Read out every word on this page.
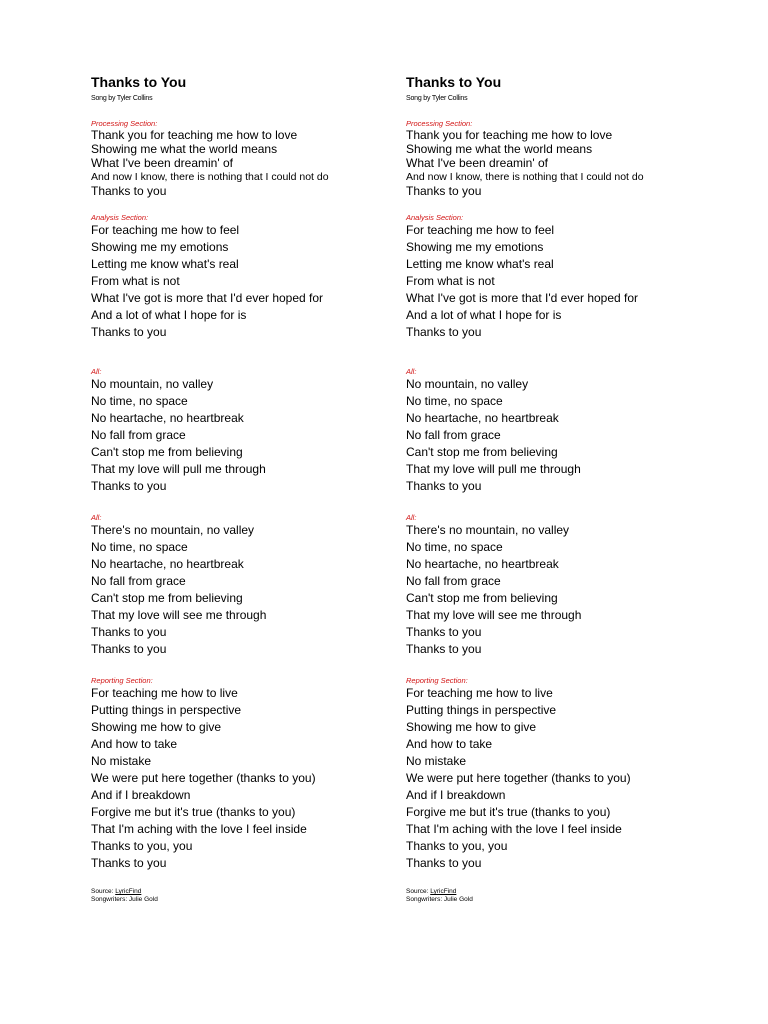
Thanks to You
Song by Tyler Collins
Processing Section:
Thank you for teaching me how to love
Showing me what the world means
What I've been dreamin' of
And now I know, there is nothing that I could not do
Thanks to you
Analysis Section:
For teaching me how to feel
Showing me my emotions
Letting me know what's real
From what is not
What I've got is more that I'd ever hoped for
And a lot of what I hope for is
Thanks to you
All:
No mountain, no valley
No time, no space
No heartache, no heartbreak
No fall from grace
Can't stop me from believing
That my love will pull me through
Thanks to you
All:
There's no mountain, no valley
No time, no space
No heartache, no heartbreak
No fall from grace
Can't stop me from believing
That my love will see me through
Thanks to you
Thanks to you
Reporting Section:
For teaching me how to live
Putting things in perspective
Showing me how to give
And how to take
No mistake
We were put here together (thanks to you)
And if I breakdown
Forgive me but it's true (thanks to you)
That I'm aching with the love I feel inside
Thanks to you, you
Thanks to you
Source: LyricFind
Songwriters: Julie Gold
Thanks to You
Song by Tyler Collins
Processing Section:
Thank you for teaching me how to love
Showing me what the world means
What I've been dreamin' of
And now I know, there is nothing that I could not do
Thanks to you
Analysis Section:
For teaching me how to feel
Showing me my emotions
Letting me know what's real
From what is not
What I've got is more that I'd ever hoped for
And a lot of what I hope for is
Thanks to you
All:
No mountain, no valley
No time, no space
No heartache, no heartbreak
No fall from grace
Can't stop me from believing
That my love will pull me through
Thanks to you
All:
There's no mountain, no valley
No time, no space
No heartache, no heartbreak
No fall from grace
Can't stop me from believing
That my love will see me through
Thanks to you
Thanks to you
Reporting Section:
For teaching me how to live
Putting things in perspective
Showing me how to give
And how to take
No mistake
We were put here together (thanks to you)
And if I breakdown
Forgive me but it's true (thanks to you)
That I'm aching with the love I feel inside
Thanks to you, you
Thanks to you
Source: LyricFind
Songwriters: Julie Gold
